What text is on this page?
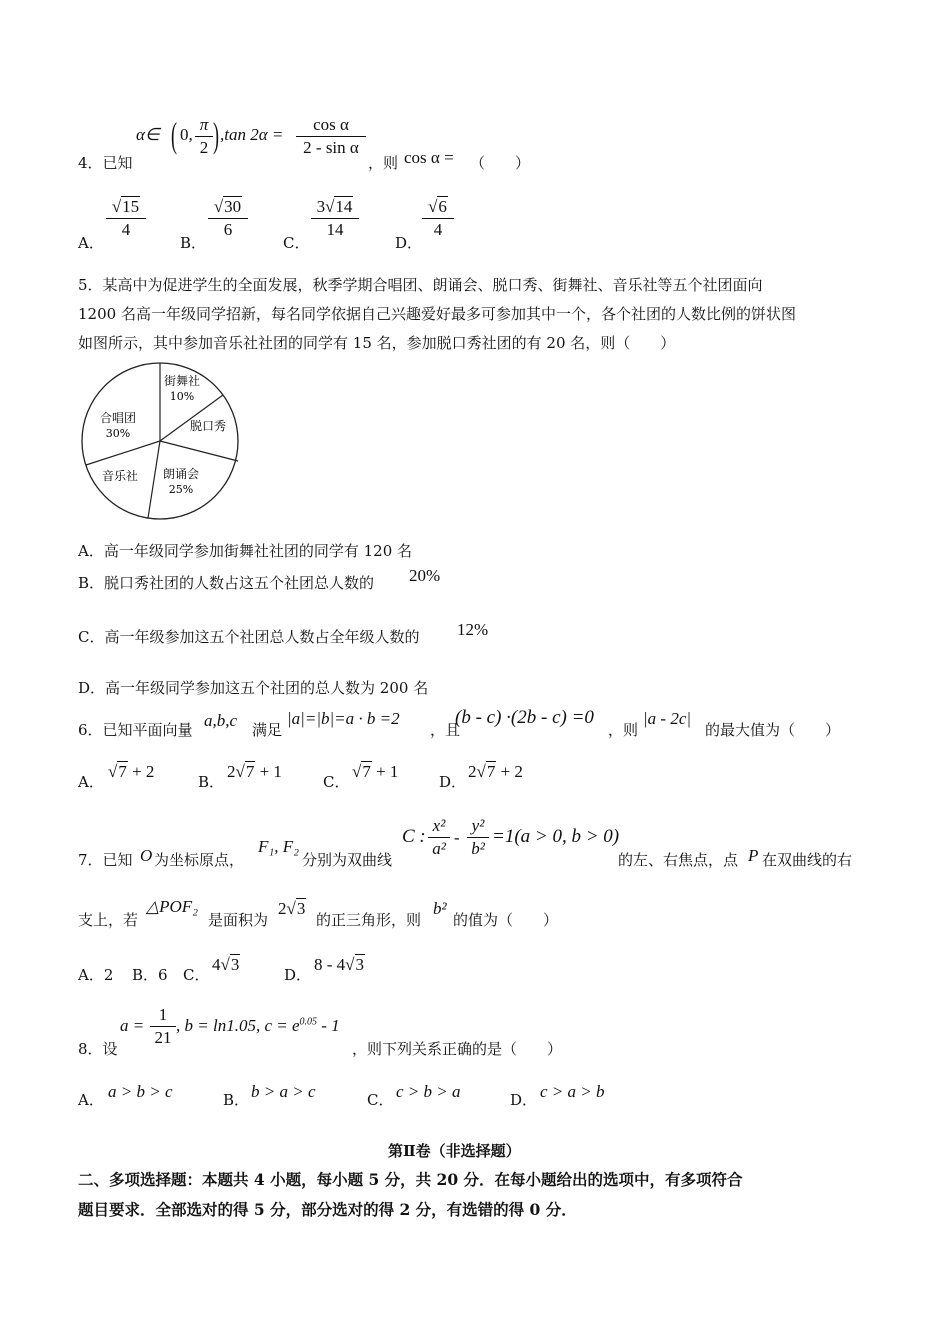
4．已知
α∈ ( 0,
π
2 ) ,tan 2α =
cos α
2 - sin α
，则 cos α = （　　）
A．
√15
4
B．
√30
6
C．
3√14
14
D．
√6
4
5．某高中为促进学生的全面发展，秋季学期合唱团、朗诵会、脱口秀、街舞社、音乐社等五个社团面向
1200 名高一年级同学招新，每名同学依据自己兴趣爱好最多可参加其中一个，各个社团的人数比例的饼状图
如图所示，其中参加音乐社社团的同学有 15 名，参加脱口秀社团的有 20 名，则（　　）
街舞社
10%
脱口秀
朗诵会
25%
音乐社
合唱团
30%
A．高一年级同学参加街舞社社团的同学有 120 名
B．脱口秀社团的人数占这五个社团总人数的 20%
C．高一年级参加这五个社团总人数占全年级人数的 12%
D．高一年级同学参加这五个社团的总人数为 200 名
6．已知平面向量 a,b,c 满足
|a|=|b|=a · b =2
，且
(b - c) ·(2b - c) =0
，则
|a - 2c|
的最大值为（　　）
A．
√7 + 2
B．
2√7 + 1
C．
√7 + 1
D．
2√7 + 2
7．已知 O 为坐标原点，
F₁, F₂
分别为双曲线
C :
x²
a²
-
y²
b²
=1(a > 0, b > 0)
的左、右焦点，点 P 在双曲线的右
支上，若
△POF₂
是面积为
2√3
的正三角形，则
b²
的值为（　　）
A．2 B．6 C．
4√3
D．
8 - 4√3
8．设
a =
1
21
, b = ln1.05, $c = e^{0.05} - 1$
，则下列关系正确的是（　　）
A． a > b > c	B． b > a > c	C． c > b > a	D． c > a > b
第Ⅱ卷（非选择题）
二、多项选择题：本题共 4 小题，每小题 5 分，共 20 分．在每小题给出的选项中，有多项符合
题目要求．全部选对的得 5 分，部分选对的得 2 分，有选错的得 0 分．
